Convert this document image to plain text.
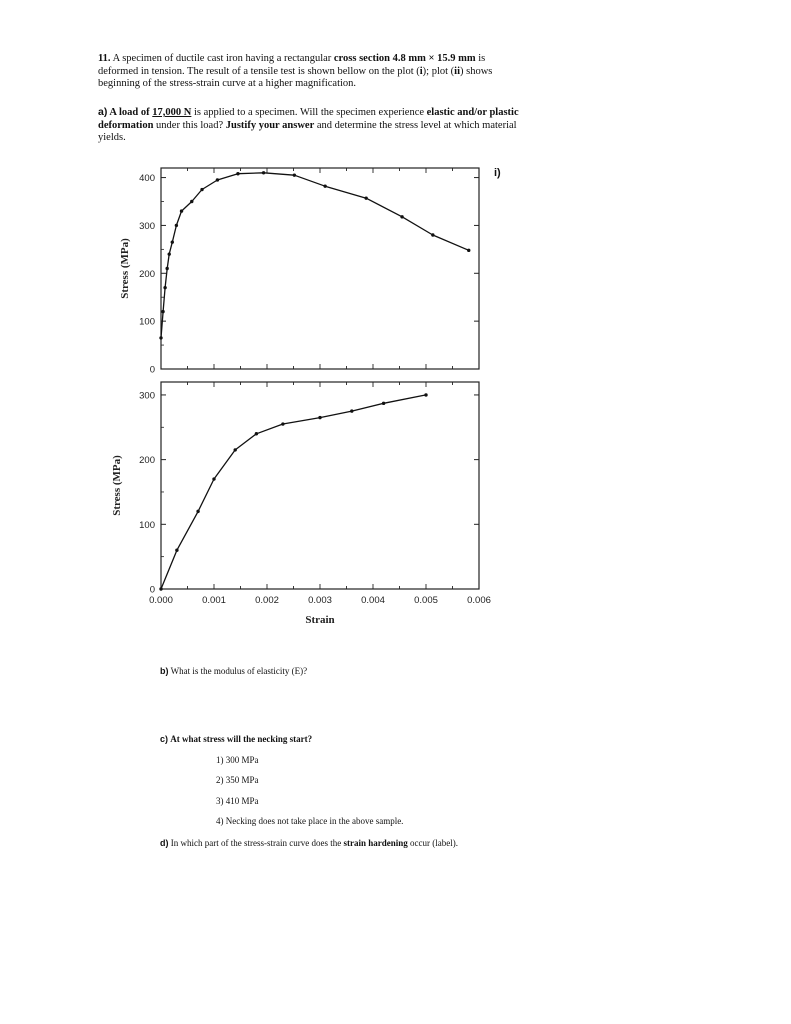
11. A specimen of ductile cast iron having a rectangular cross section 4.8 mm × 15.9 mm is deformed in tension. The result of a tensile test is shown bellow on the plot (i); plot (ii) shows beginning of the stress-strain curve at a higher magnification.

a) A load of 17,000 N is applied to a specimen. Will the specimen experience elastic and/or plastic deformation under this load? Justify your answer and determine the stress level at which material yields.

i)
0
100
200
300
400
Stress (MPa)
0
100
200
300
Stress (MPa)
0.000	0.001	0.002	0.003	0.004	0.005	0.006
Strain
b) What is the modulus of elasticity (E)?
c) At what stress will the necking start?
1) 300 MPa
2) 350 MPa
3) 410 MPa
4) Necking does not take place in the above sample.
d) In which part of the stress-strain curve does the strain hardening occur (label).
